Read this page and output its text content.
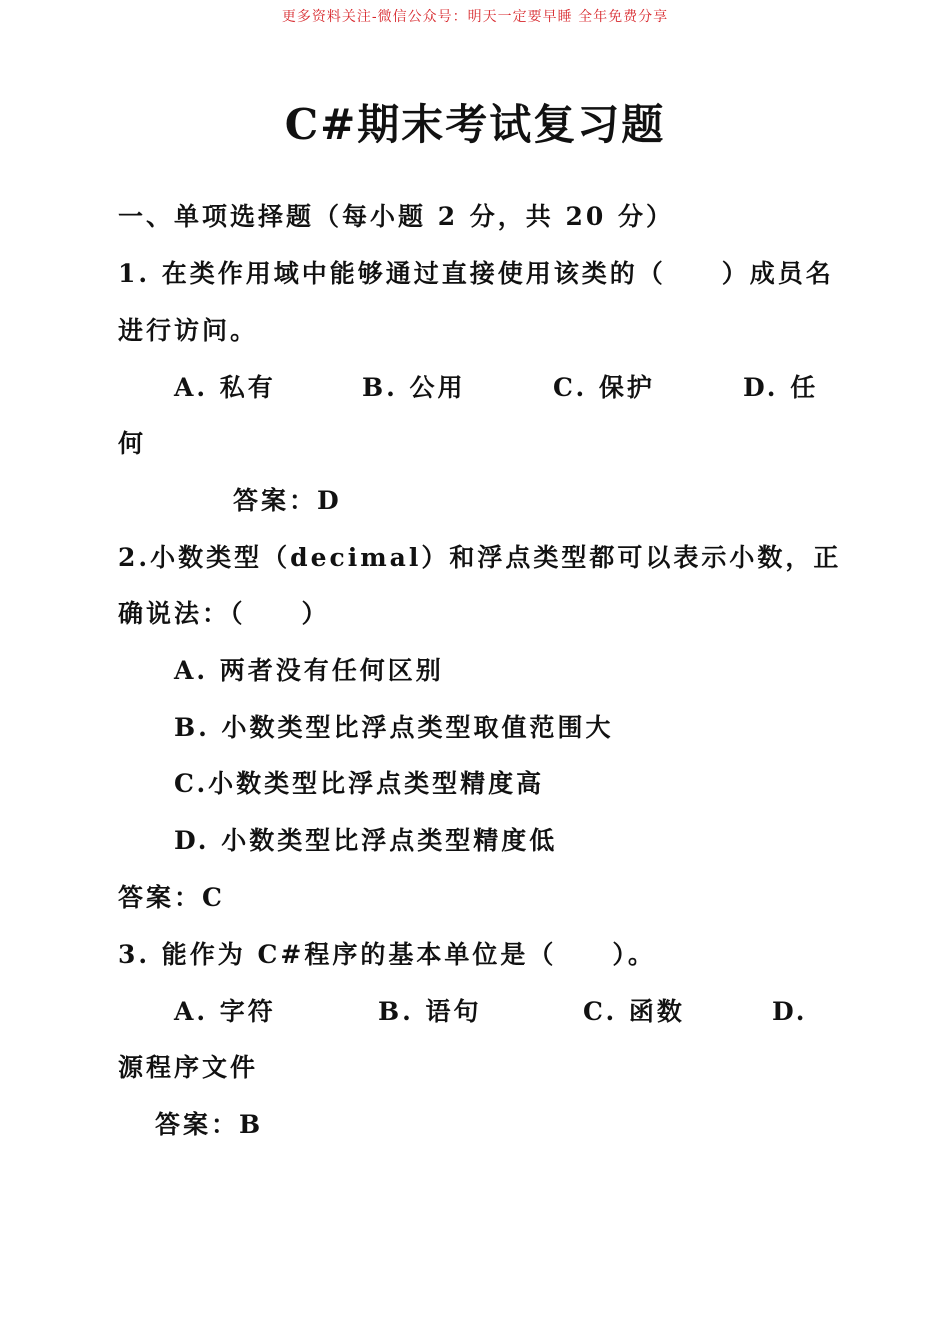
更多资料关注-微信公众号：明天一定要早睡 全年免费分享
C#期末考试复习题
一、单项选择题（每小题 2 分，共 20 分）
1. 在类作用域中能够通过直接使用该类的（　　）成员名
进行访问。
A. 私有	B. 公用	C. 保护	D. 任
何
答案：D
2.小数类型（decimal）和浮点类型都可以表示小数，正
确说法：（　　）
A. 两者没有任何区别
B. 小数类型比浮点类型取值范围大
C.小数类型比浮点类型精度高
D. 小数类型比浮点类型精度低
答案：C
3. 能作为 C#程序的基本单位是（　　）。
A. 字符	B. 语句	C. 函数	D.
源程序文件
答案：B
